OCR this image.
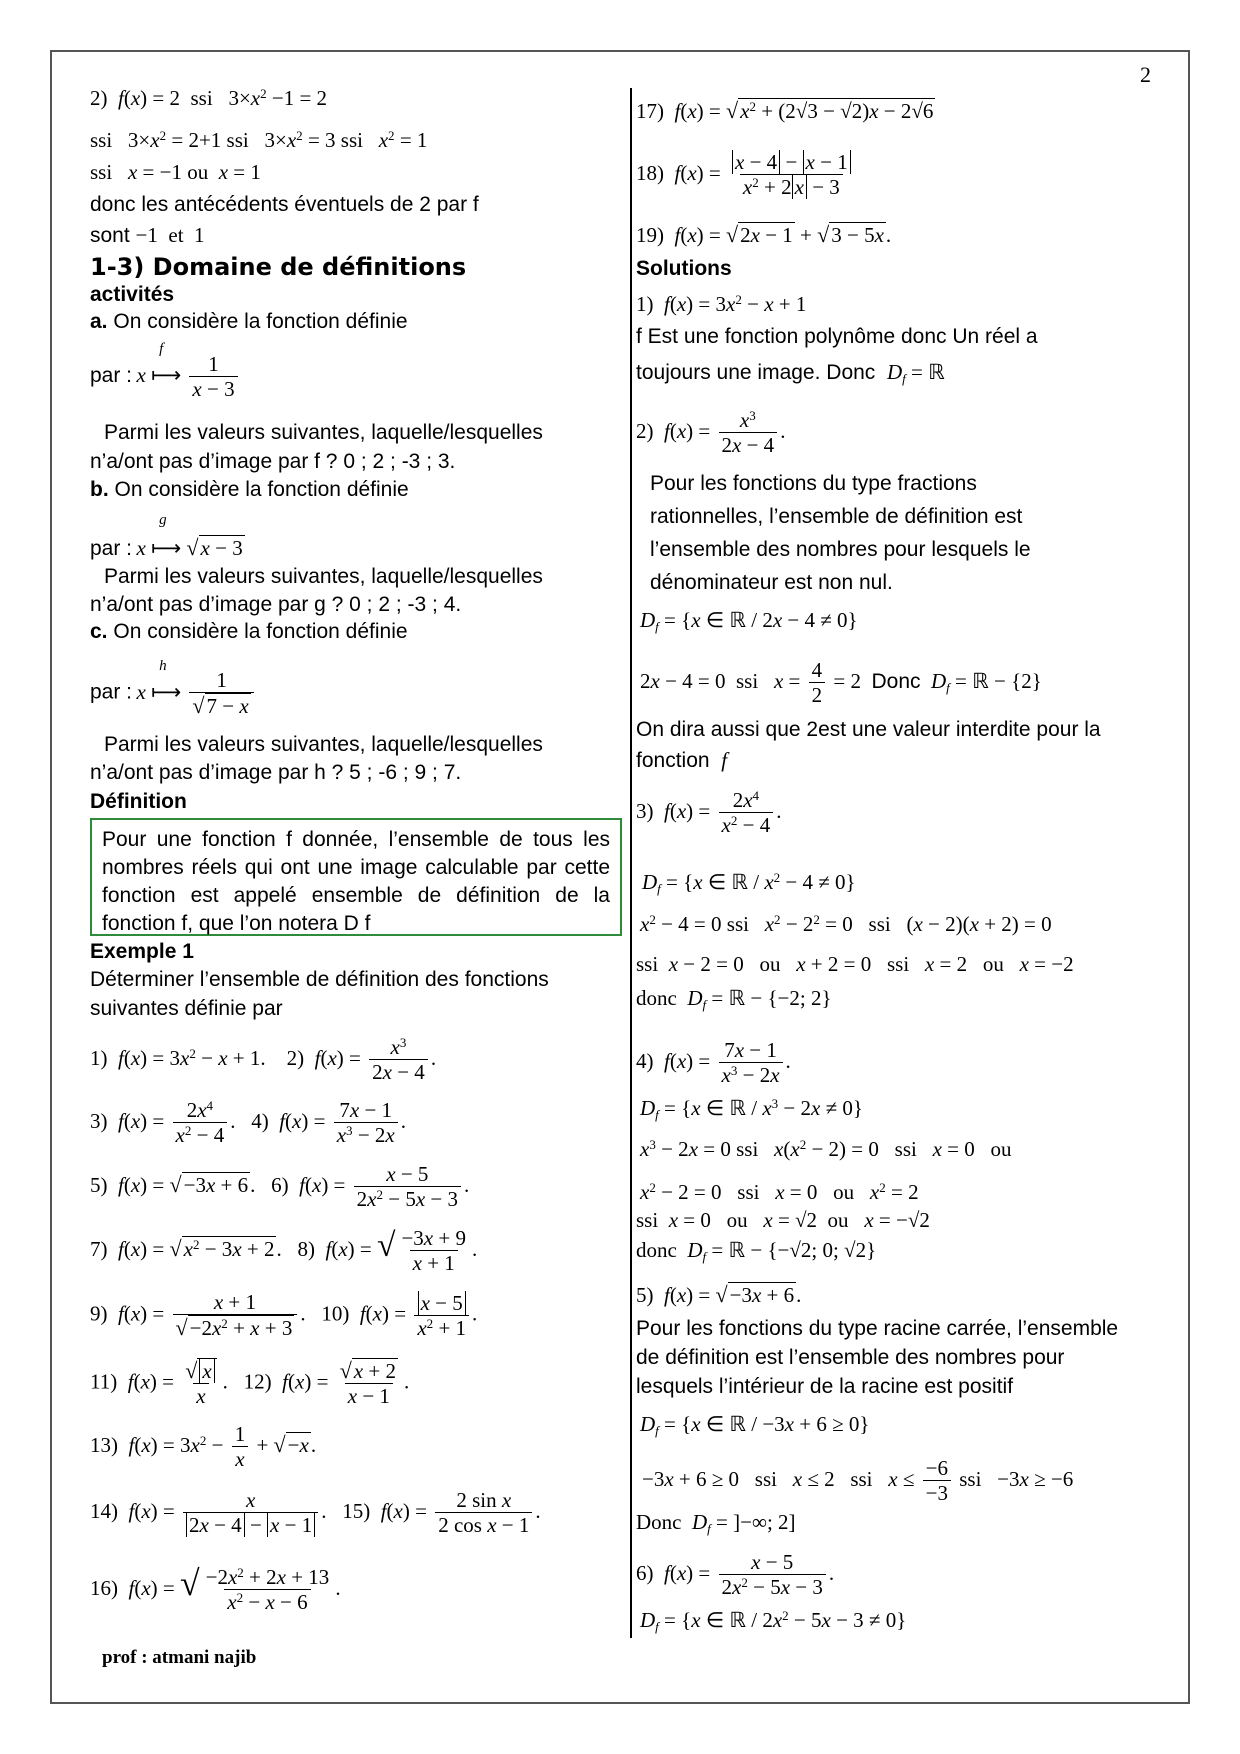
2
2)  f(x) = 2  ssi   $3\times x^2 -1 = 2$
ssi   $3\times x^2 = 2+1$ ssi   $3\times x^2 = 3$ ssi   $x^2 = 1$
ssi   x = −1 ou  x = 1
donc les antécédents éventuels de 2 par f
sont −1  et  1
1-3) Domaine de définitions
activités
a. On considère la fonction définie
par : x
f
⟼ $\frac{1}{x - 3}$
Parmi les valeurs suivantes, laquelle/lesquelles
n’a/ont pas d’image par f ? 0 ; 2 ; -3 ; 3.
b. On considère la fonction définie
par : x
g
⟼ √x − 3
Parmi les valeurs suivantes, laquelle/lesquelles
n’a/ont pas d’image par g ? 0 ; 2 ; -3 ; 4.
c. On considère la fonction définie
par : x
h
⟼ $\frac{1}{√7 - x}$
Parmi les valeurs suivantes, laquelle/lesquelles
n’a/ont pas d’image par h ? 5 ; -6 ; 9 ; 7.
Définition
Pour une fonction f donnée, l’ensemble de tous les nombres réels qui ont une image calculable par cette fonction est appelé ensemble de définition de la fonction f, que l’on notera D f
Exemple 1
Déterminer l’ensemble de définition des fonctions
suivantes définie par
1)  $f(x) = 3x^2 - x + 1$.    2)  $f(x) = \frac{x^3}{2x - 4}$ .
3)  $f(x) = \frac{2x^4}{x^2 - 4}$ .   4)  $f(x) = \frac{7x - 1}{x^3 - 2x}$ .
5)  f(x) = √−3x + 6.   6)  $f(x) = \frac{x - 5}{2x^2 - 5x - 3}$ .
7)  $f(x) = √x^2 - 3x + 2$.   8)  f(x) = √ $\frac{-3x + 9}{x + 1}$ .
9)  $f(x) = \frac{x + 1}{√-2x^2 + x + 3}$ .   10)  $f(x) = \frac{x - 5}{x^2 + 1}$ .
11)  $f(x) = \frac{√ x}{x}$ .   12)  $f(x) = \frac{√x + 2}{x - 1}$ .
13)  $f(x) = 3x^2 - \frac{1}{x} + √-x$.
14)  $f(x) = \frac{x}{2x - 4 - x - 1}$ .   15)  $f(x) = \frac{\text{2 sin x}}{\text{2 cos x − 1}}$ .
16)  f(x) = √ $\frac{-2x^2 + 2x + 13}{x^2 - x - 6}$ .
17)  $f(x) = √x^2 + (2√3 - √2)x - 2√6$
18)  $f(x) = \frac{x - 4 - x - 1}{x^2 + 2 x - 3}$
19)  f(x) = √2x − 1 + √3 − 5x.
Solutions
1)  $f(x) = 3x^2 - x + 1$
f Est une fonction polynôme donc Un réel a
toujours une image. Donc $D_f$ = ℝ
2)  $f(x) = \frac{x^3}{2x - 4}$ .
Pour les fonctions du type fractions
rationnelles, l’ensemble de définition est
l’ensemble des nombres pour lesquels le
dénominateur est non nul.
$D_f = \{x$ ∈ ℝ / 2x − 4 ≠ 0}
2x − 4 = 0  ssi   $x = \frac{4}{2} = 2$  Donc $D_f$ = ℝ − {2}
On dira aussi que 2est une valeur interdite pour la
fonction f
3)  $f(x) = \frac{2x^4}{x^2 - 4}$ .
$D_f = \{x$ ∈ ℝ / $x^2 - 4 \ne 0$}
$x^2 - 4 = 0$ ssi   $x^2 - 2^2 = 0$   ssi   (x − 2)(x + 2) = 0
ssi  x − 2 = 0   ou   x + 2 = 0   ssi   x = 2   ou   x = −2
donc  $D_f$ = ℝ − {−2; 2}
4)  $f(x) = \frac{7x - 1}{x^3 - 2x}$ .
$D_f = \{x$ ∈ ℝ / $x^3 - 2x \ne 0$}
$x^3 - 2x = 0$ ssi   $x(x^2 - 2) = 0$   ssi   x = 0   ou
$x^2 - 2 = 0$   ssi   x = 0   ou   $x^2 = 2$
ssi  x = 0   ou   x = √2  ou   x = −√2
donc  $D_f$ = ℝ − {−√2; 0; √2}
5)  f(x) = √−3x + 6.
Pour les fonctions du type racine carrée, l’ensemble
de définition est l’ensemble des nombres pour
lesquels l’intérieur de la racine est positif
$D_f = \{x$ ∈ ℝ / −3x + 6 ≥ 0}
−3x + 6 ≥ 0   ssi   x ≤ 2   ssi   $x \le \frac{-6}{-3}$ ssi   −3x ≥ −6
Donc  $D_f$ = ]−∞; 2]
6)  $f(x) = \frac{x - 5}{2x^2 - 5x - 3}$ .
$D_f = \{x$ ∈ ℝ / $2x^2 - 5x - 3 \ne 0$}
prof : atmani najib
